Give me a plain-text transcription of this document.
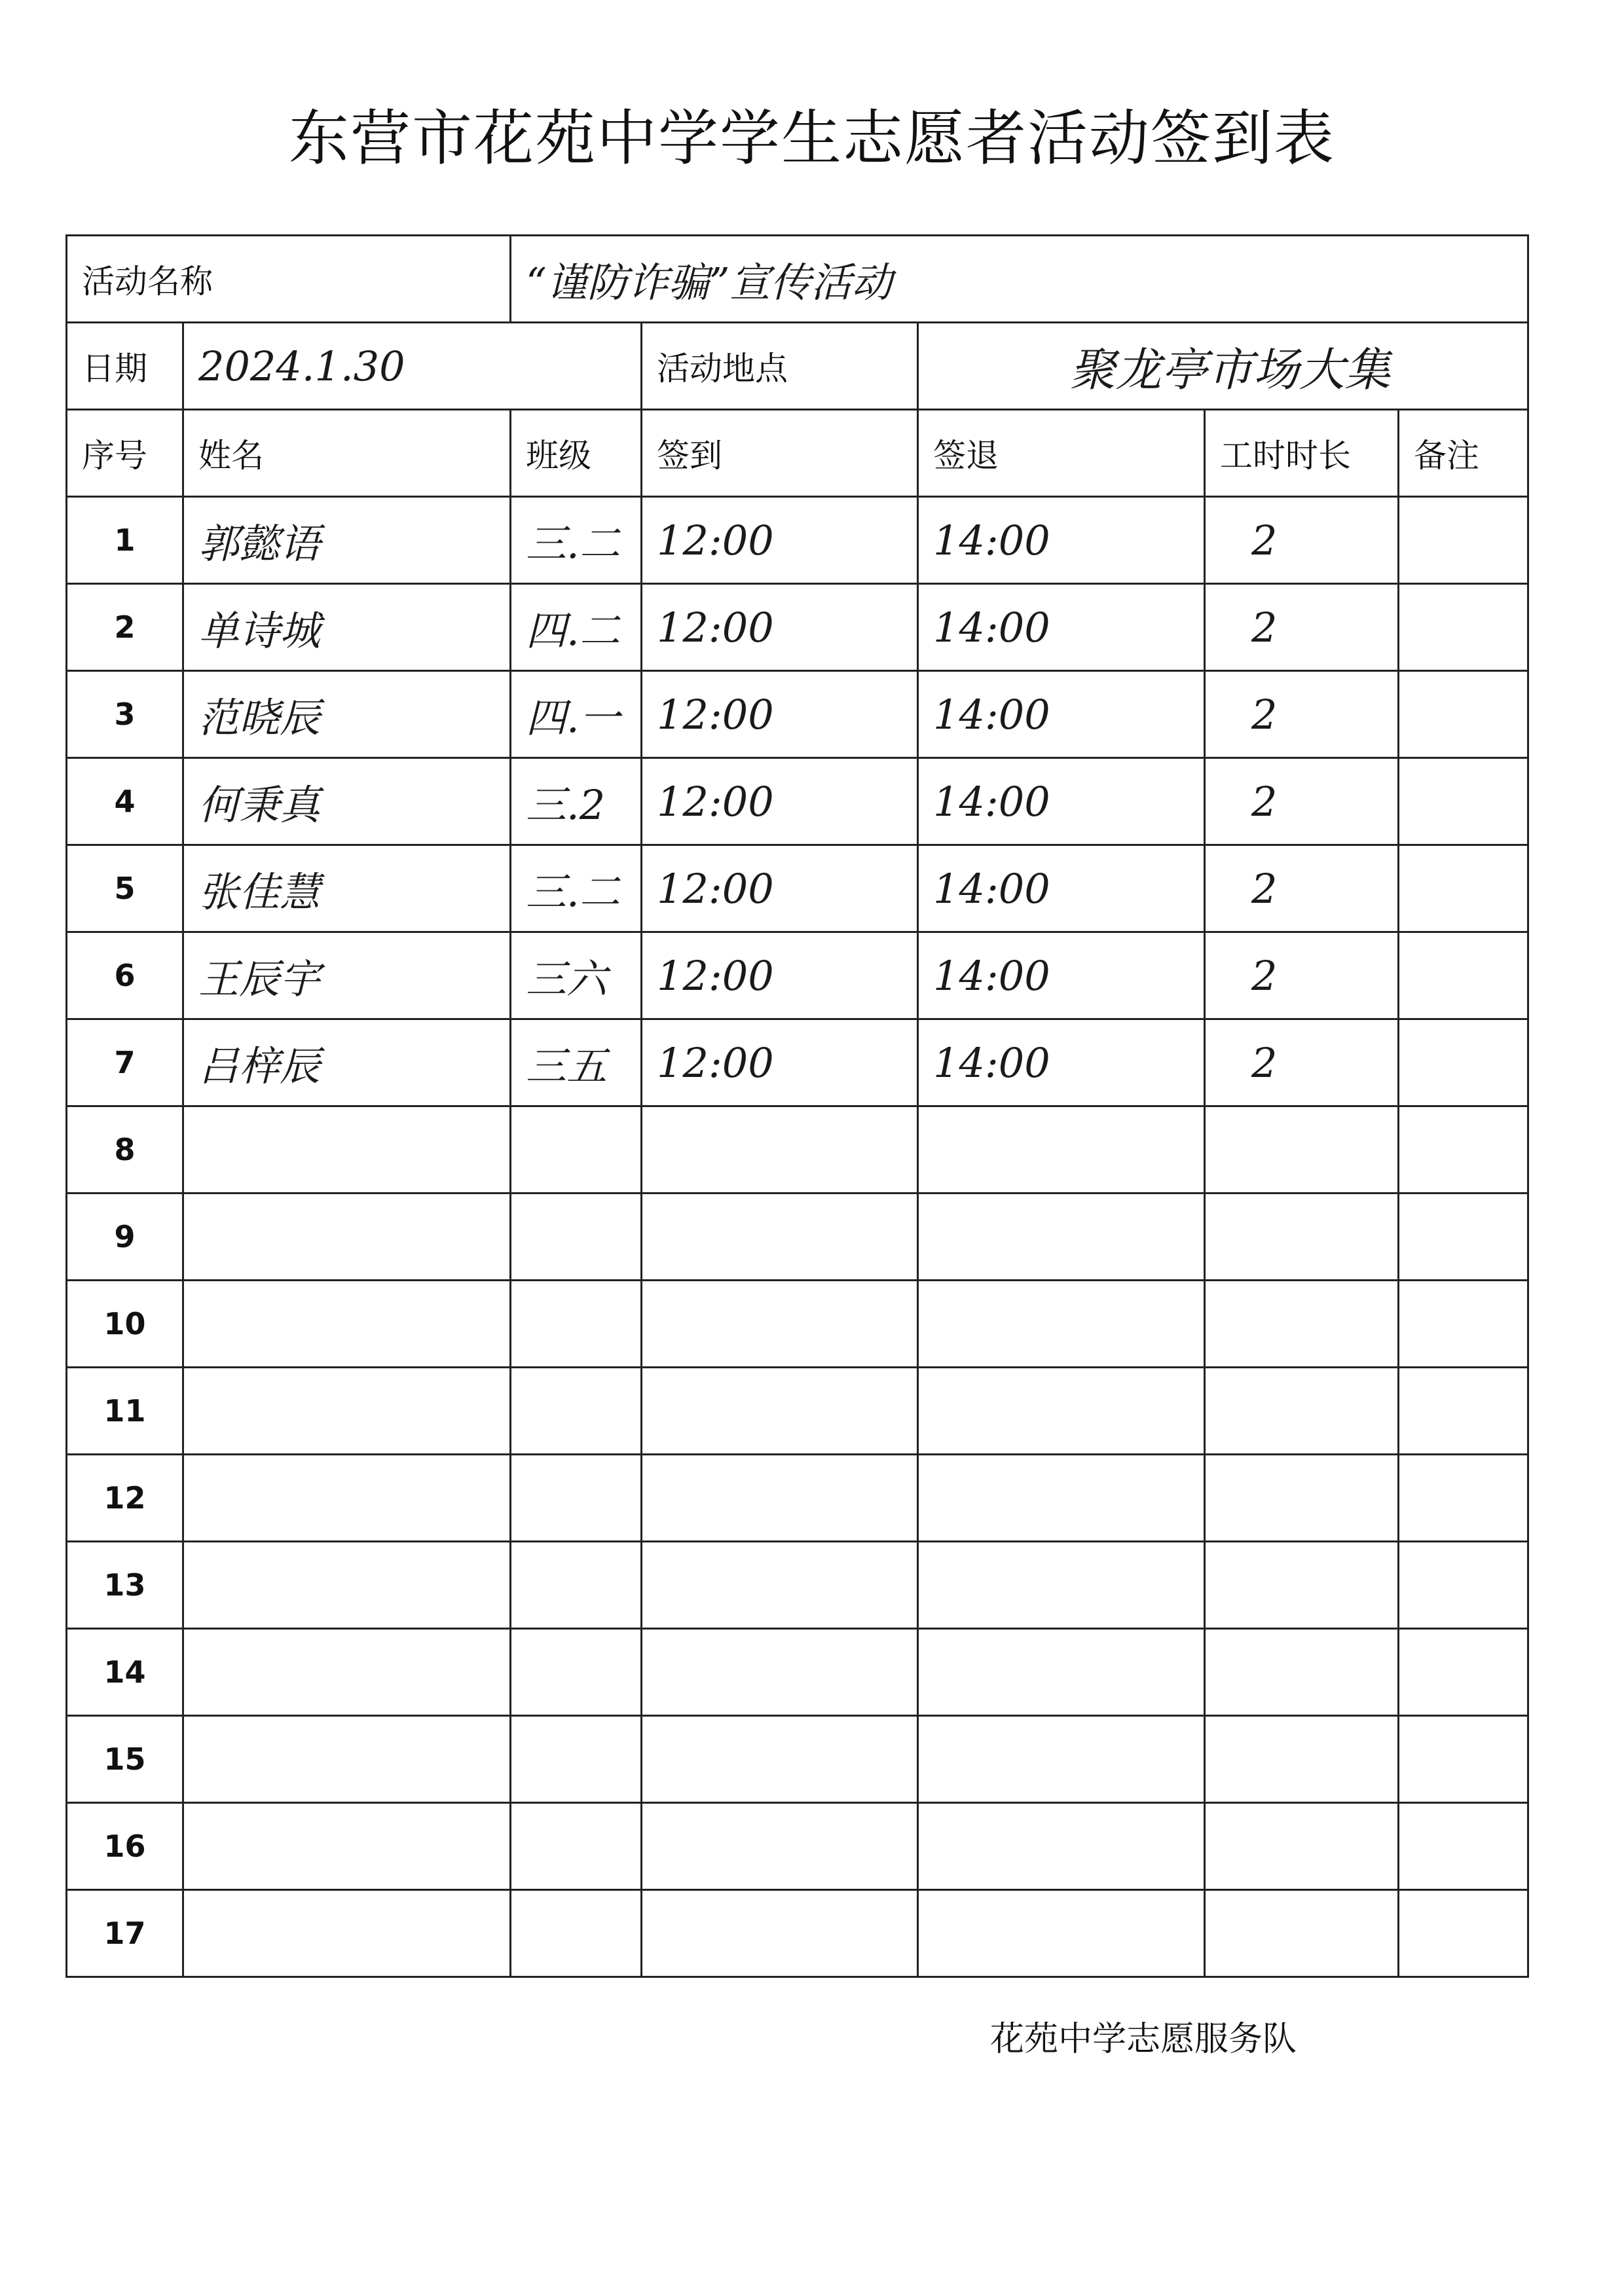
东营市花苑中学学生志愿者活动签到表
活动名称		“谨防诈骗”宣传活动				
日期	2024.1.30		活动地点	聚龙亭市场大集		
序号	姓名	班级	签到	签退	工时时长	备注
1	郭懿语	三.二	12:00	14:00	2	
2	单诗城	四.二	12:00	14:00	2	
3	范晓辰	四.一	12:00	14:00	2	
4	何秉真	三.2	12:00	14:00	2	
5	张佳慧	三.二	12:00	14:00	2	
6	王辰宇	三六	12:00	14:00	2	
7	吕梓辰	三五	12:00	14:00	2	
8						
9						
10						
11						
12						
13						
14						
15						
16						
17						
花苑中学志愿服务队
